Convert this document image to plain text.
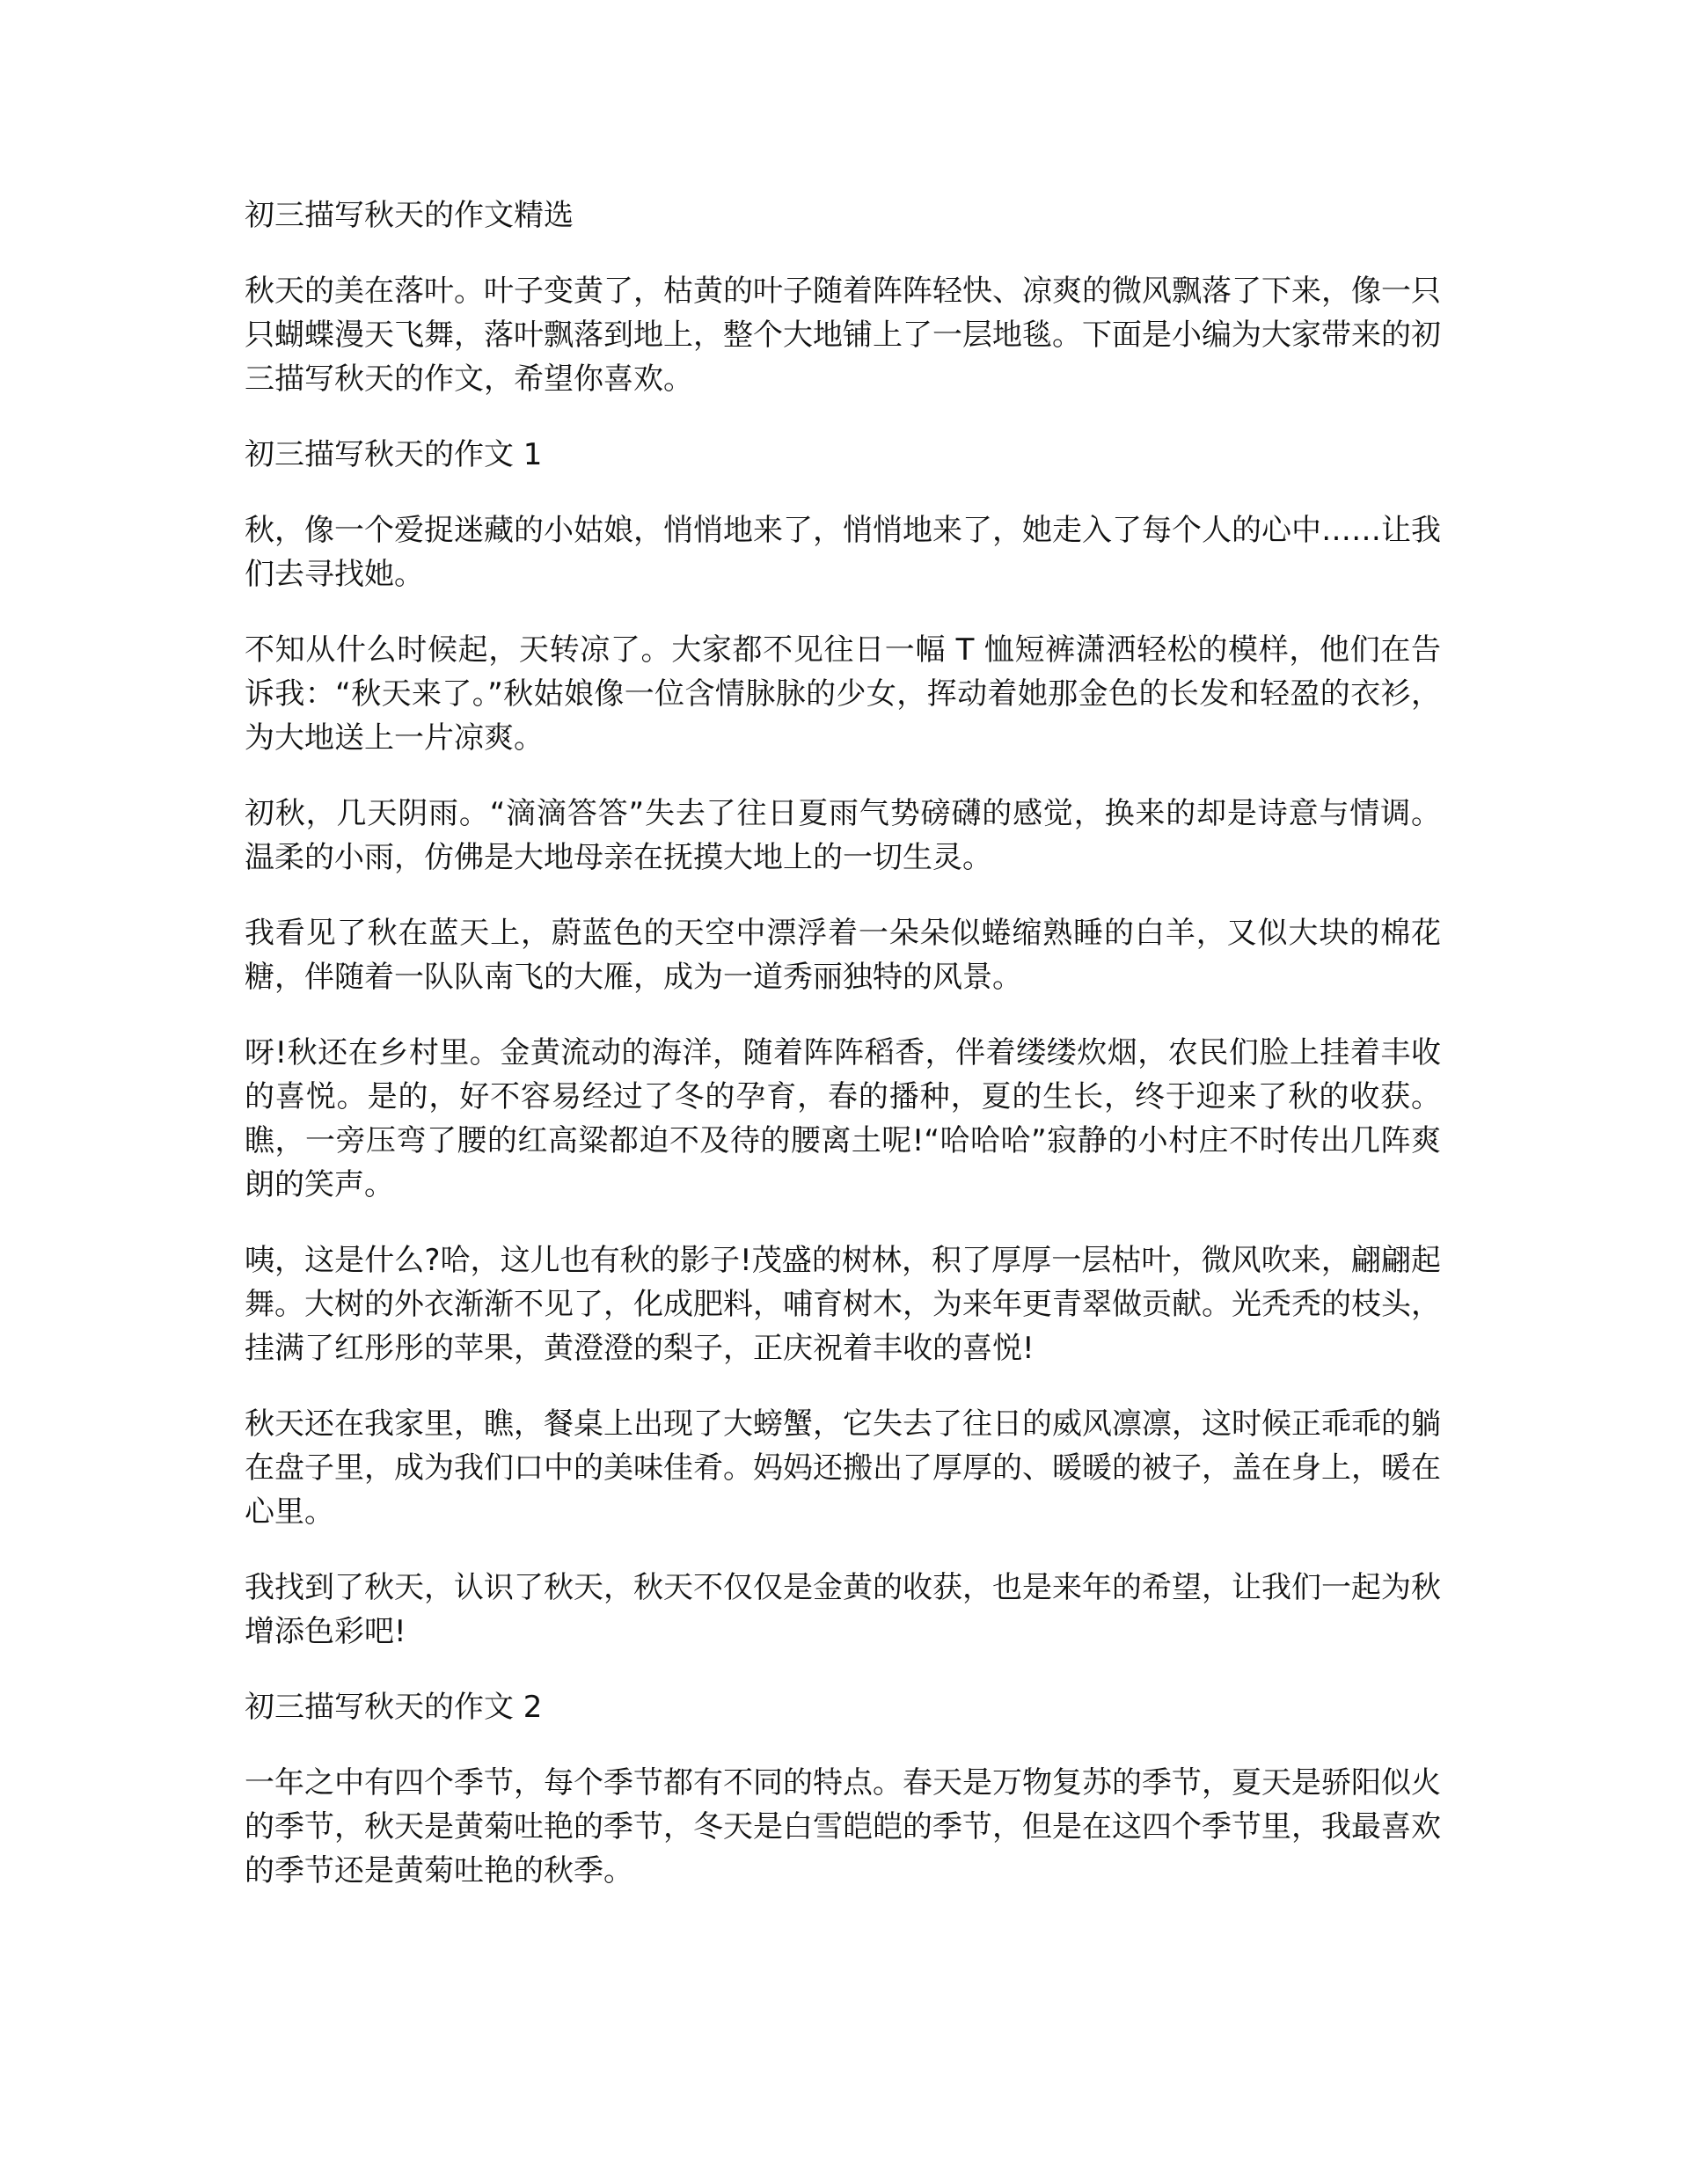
初三描写秋天的作文精选
秋天的美在落叶。叶子变黄了，枯黄的叶子随着阵阵轻快、凉爽的微风飘落了下来，像一只只蝴蝶漫天飞舞，落叶飘落到地上，整个大地铺上了一层地毯。下面是小编为大家带来的初三描写秋天的作文，希望你喜欢。
初三描写秋天的作文 1
秋，像一个爱捉迷藏的小姑娘，悄悄地来了，悄悄地来了，她走入了每个人的心中……让我们去寻找她。
不知从什么时候起，天转凉了。大家都不见往日一幅 T 恤短裤潇洒轻松的模样，他们在告诉我：“秋天来了。”秋姑娘像一位含情脉脉的少女，挥动着她那金色的长发和轻盈的衣衫，为大地送上一片凉爽。
初秋，几天阴雨。“滴滴答答”失去了往日夏雨气势磅礴的感觉，换来的却是诗意与情调。温柔的小雨，仿佛是大地母亲在抚摸大地上的一切生灵。
我看见了秋在蓝天上，蔚蓝色的天空中漂浮着一朵朵似蜷缩熟睡的白羊，又似大块的棉花糖，伴随着一队队南飞的大雁，成为一道秀丽独特的风景。
呀!秋还在乡村里。金黄流动的海洋，随着阵阵稻香，伴着缕缕炊烟，农民们脸上挂着丰收的喜悦。是的，好不容易经过了冬的孕育，春的播种，夏的生长，终于迎来了秋的收获。瞧，一旁压弯了腰的红高粱都迫不及待的腰离土呢!“哈哈哈”寂静的小村庄不时传出几阵爽朗的笑声。
咦，这是什么?哈，这儿也有秋的影子!茂盛的树林，积了厚厚一层枯叶，微风吹来，翩翩起舞。大树的外衣渐渐不见了，化成肥料，哺育树木，为来年更青翠做贡献。光秃秃的枝头，挂满了红彤彤的苹果，黄澄澄的梨子，正庆祝着丰收的喜悦!
秋天还在我家里，瞧，餐桌上出现了大螃蟹，它失去了往日的威风凛凛，这时候正乖乖的躺在盘子里，成为我们口中的美味佳肴。妈妈还搬出了厚厚的、暖暖的被子，盖在身上，暖在心里。
我找到了秋天，认识了秋天，秋天不仅仅是金黄的收获，也是来年的希望，让我们一起为秋增添色彩吧!
初三描写秋天的作文 2
一年之中有四个季节，每个季节都有不同的特点。春天是万物复苏的季节，夏天是骄阳似火的季节，秋天是黄菊吐艳的季节，冬天是白雪皑皑的季节，但是在这四个季节里，我最喜欢的季节还是黄菊吐艳的秋季。
